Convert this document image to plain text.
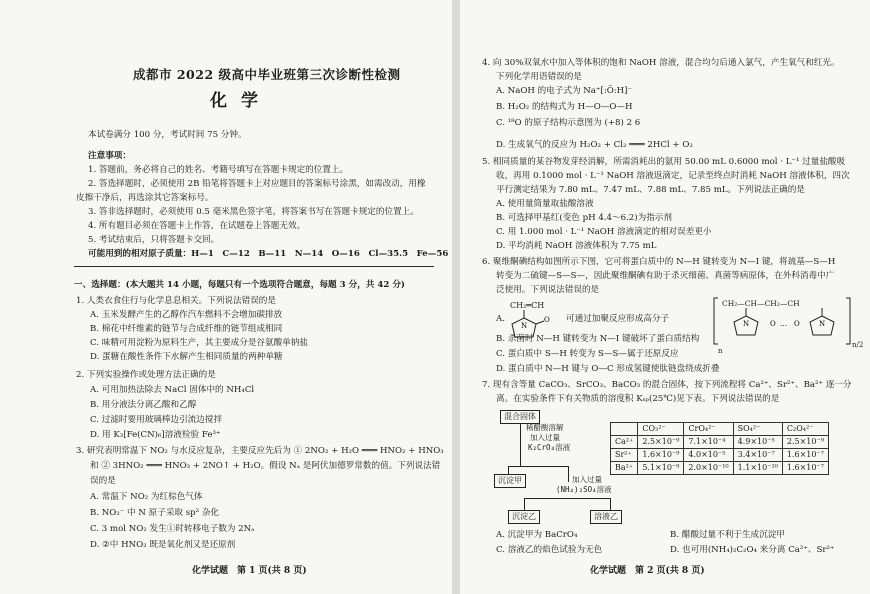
成都市 2022 级高中毕业班第三次诊断性检测
化学
本试卷满分 100 分，考试时间 75 分钟。
注意事项：
1. 答题前，务必将自己的姓名、考籍号填写在答题卡规定的位置上。
2. 答选择题时，必须使用 2B 铅笔将答题卡上对应题目的答案标号涂黑，如需改动，用橡
皮擦干净后，再选涂其它答案标号。
3. 答非选择题时，必须使用 0.5 毫米黑色签字笔，将答案书写在答题卡规定的位置上。
4. 所有题目必须在答题卡上作答，在试题卷上答题无效。
5. 考试结束后，只将答题卡交回。
可能用到的相对原子质量：H—1　C—12　B—11　N—14　O—16　Cl—35.5　Fe—56
一、选择题：(本大题共 14 小题，每题只有一个选项符合题意，每题 3 分，共 42 分)
1. 人类衣食住行与化学息息相关。下列说法错误的是
A. 玉米发酵产生的乙醇作汽车燃料不会增加碳排放
B. 棉花中纤维素的链节与合成纤维的链节组成相同
C. 味精可用淀粉为原料生产，其主要成分是谷氨酸单钠盐
D. 蛋糖在酸性条件下水解产生相同质量的两种单糖
2. 下列实验操作或处理方法正确的是
A. 可用加热法除去 NaCl 固体中的 NH₄Cl
B. 用分液法分离乙酸和乙醇
C. 过滤时要用玻璃棒边引流边搅拌
D. 用 K₃[Fe(CN)₆]溶液检验 Fe³⁺
3. 研究表明常温下 NO₂ 与水反应复杂，主要反应先后为 ① 2NO₂ + H₂O ═══ HNO₂ + HNO₃
和 ② 3HNO₂ ═══ HNO₃ + 2NO↑ + H₂O。假设 Nₐ 是阿伏加德罗常数的值。下列说法错
误的是
A. 常温下 NO₂ 为红棕色气体
B. NO₂⁻ 中 N 原子采取 sp² 杂化
C. 3 mol NO₂ 发生①时转移电子数为 2Nₐ
D. ②中 HNO₂ 既是氧化剂又是还原剂
化学试题　第 1 页(共 8 页)
4. 向 30%双氧水中加入等体积的饱和 NaOH 溶液，混合均匀后通入氯气，产生氧气和红光。
下列化学用语错误的是
A. NaOH 的电子式为 Na⁺[:Ö:H]⁻
B. H₂O₂ 的结构式为 H—O—O—H
C. ¹⁸O 的原子结构示意图为 (+8) 2 6
D. 生成氧气的反应为 H₂O₂ + Cl₂ ═══ 2HCl + O₂
5. 相同质量的某谷物发芽经消解，所需消耗出的氨用 50.00 mL 0.6000 mol · L⁻¹ 过量盐酸吸
收，再用 0.1000 mol · L⁻¹ NaOH 溶液返滴定，记录至终点时消耗 NaOH 溶液体积，四次
平行测定结果为 7.80 mL、7.47 mL、7.88 mL、7.85 mL。下列说法正确的是
A. 使用量筒量取盐酸溶液
B. 可选择甲基红(变色 pH 4.4～6.2)为指示剂
C. 用 1.000 mol · L⁻¹ NaOH 溶液滴定的相对误差更小
D. 平均消耗 NaOH 溶液体积为 7.75 mL
6. 聚维酮碘结构如图所示下图，它可将蛋白质中的 N—H 键转变为 N—I 键，将巯基—S—H
转变为二硫键—S—S—，因此聚维酮碘有助于杀灭细菌、真菌等病原体，在外科消毒中广
泛使用。下列说法错误的是
CH₂═CH
O
N
A.	可通过加聚反应形成高分子
CH₂—CH—CH₂—CH
N	N
O	O
…
n
n/2
B. 杀菌时 N—H 键转变为 N—I 键破坏了蛋白质结构
C. 蛋白质中 S—H 转变为 S—S—属于还原反应
D. 蛋白质中 N—H 键与 O—C 形成氢键使肽链盘绕成折叠
7. 现有含等量 CaCO₃、SrCO₃、BaCO₃ 的混合固体，按下列流程将 Ca²⁺、Sr²⁺、Ba²⁺ 逐一分
离。在实验条件下有关物质的溶度积 Kₛₚ(25℃)见下表。下列说法错误的是
混合固体
稀醋酸溶解
加入过量
K₂CrO₄溶液
沉淀甲	加入过量
(NH₄)₂SO₄溶液
沉淀乙	溶液乙
	CO₃²⁻	CrO₄²⁻	SO₄²⁻	C₂O₄²⁻
Ca²⁺	2.5×10⁻⁹	7.1×10⁻⁴	4.9×10⁻⁵	2.5×10⁻⁹
Sr²⁺	1.6×10⁻⁹	4.0×10⁻⁵	3.4×10⁻⁷	1.6×10⁻⁷
Ba²⁺	5.1×10⁻⁹	2.0×10⁻¹⁰	1.1×10⁻¹⁰	1.6×10⁻⁷
A. 沉淀甲为 BaCrO₄	B. 醋酸过量不利于生成沉淀甲
C. 溶液乙的焰色试验为无色	D. 也可用(NH₄)₂C₂O₄ 来分离 Ca²⁺、Sr²⁺
化学试题　第 2 页(共 8 页)
